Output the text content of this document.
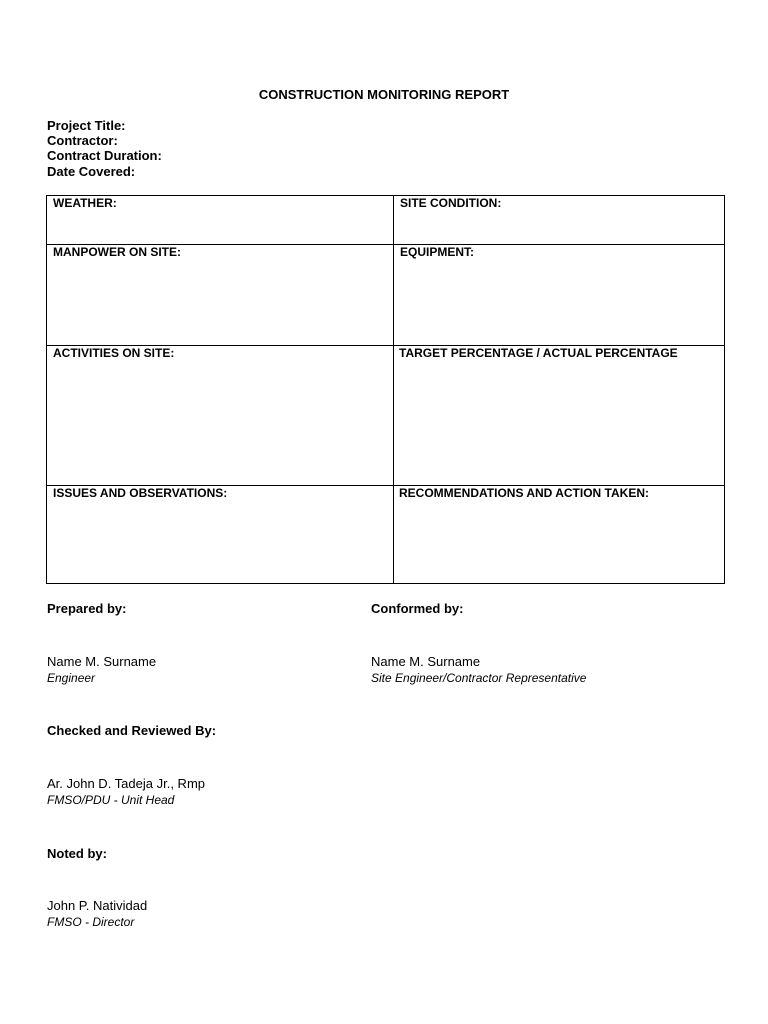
CONSTRUCTION MONITORING REPORT
Project Title:
Contractor:
Contract Duration:
Date Covered:
WEATHER:	SITE CONDITION:
MANPOWER ON SITE:	EQUIPMENT:
ACTIVITIES ON SITE:	TARGET PERCENTAGE / ACTUAL PERCENTAGE
ISSUES AND OBSERVATIONS:	RECOMMENDATIONS AND ACTION TAKEN:
Prepared by:
Name M. Surname
Engineer
Conformed by:
Name M. Surname
Site Engineer/Contractor Representative
Checked and Reviewed By:
Ar. John D. Tadeja Jr., Rmp
FMSO/PDU - Unit Head
Noted by:
John P. Natividad
FMSO - Director
